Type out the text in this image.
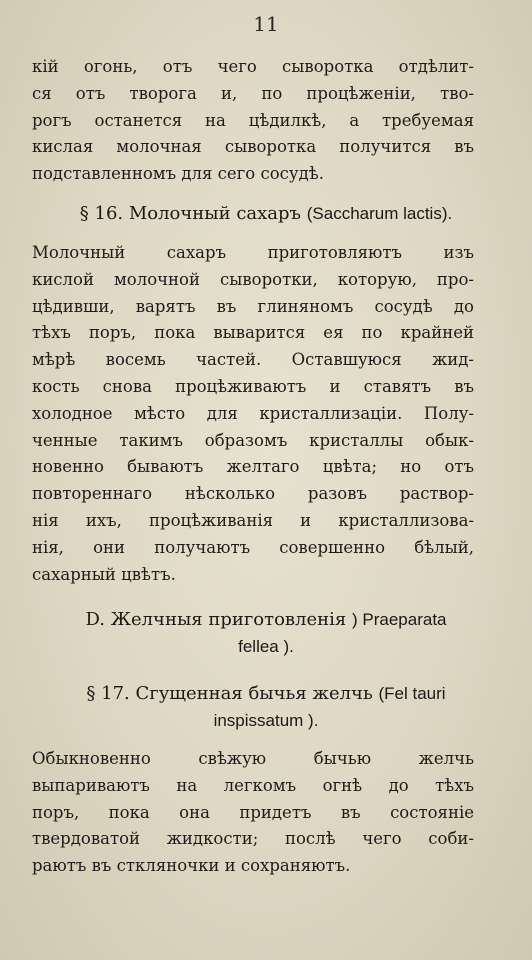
11
кій огонь, отъ чего сыворотка отдѣлит-
ся отъ творога и, по процѣженіи, тво-
рогъ останется на цѣдилкѣ, а требуемая
кислая молочная сыворотка получится въ
подставленномъ для сего сосудѣ.
§ 16. Молочный сахаръ (Saccharum lactis).
Молочный сахаръ приготовляютъ изъ
кислой молочной сыворотки, которую, про-
цѣдивши, варятъ въ глиняномъ сосудѣ до
тѣхъ поръ, пока выварится ея по крайней
мѣрѣ восемь частей. Оставшуюся жид-
кость снова процѣживаютъ и ставятъ въ
холодное мѣсто для кристаллизаціи. Полу-
ченные такимъ образомъ кристаллы обык-
новенно бываютъ желтаго цвѣта; но отъ
повтореннаго нѣсколько разовъ раствор-
нія ихъ, процѣживанія и кристаллизова-
нія, они получаютъ совершенно бѣлый,
сахарный цвѣтъ.
D. Желчныя приготовленія ) Praeparata
fellea ).
§ 17. Сгущенная бычья желчь (Fel tauri
inspissatum ).
Обыкновенно свѣжую бычью желчь
выпариваютъ на легкомъ огнѣ до тѣхъ
поръ, пока она придетъ въ состояніе
твердоватой жидкости; послѣ чего соби-
раютъ въ сткляночки и сохраняютъ.
